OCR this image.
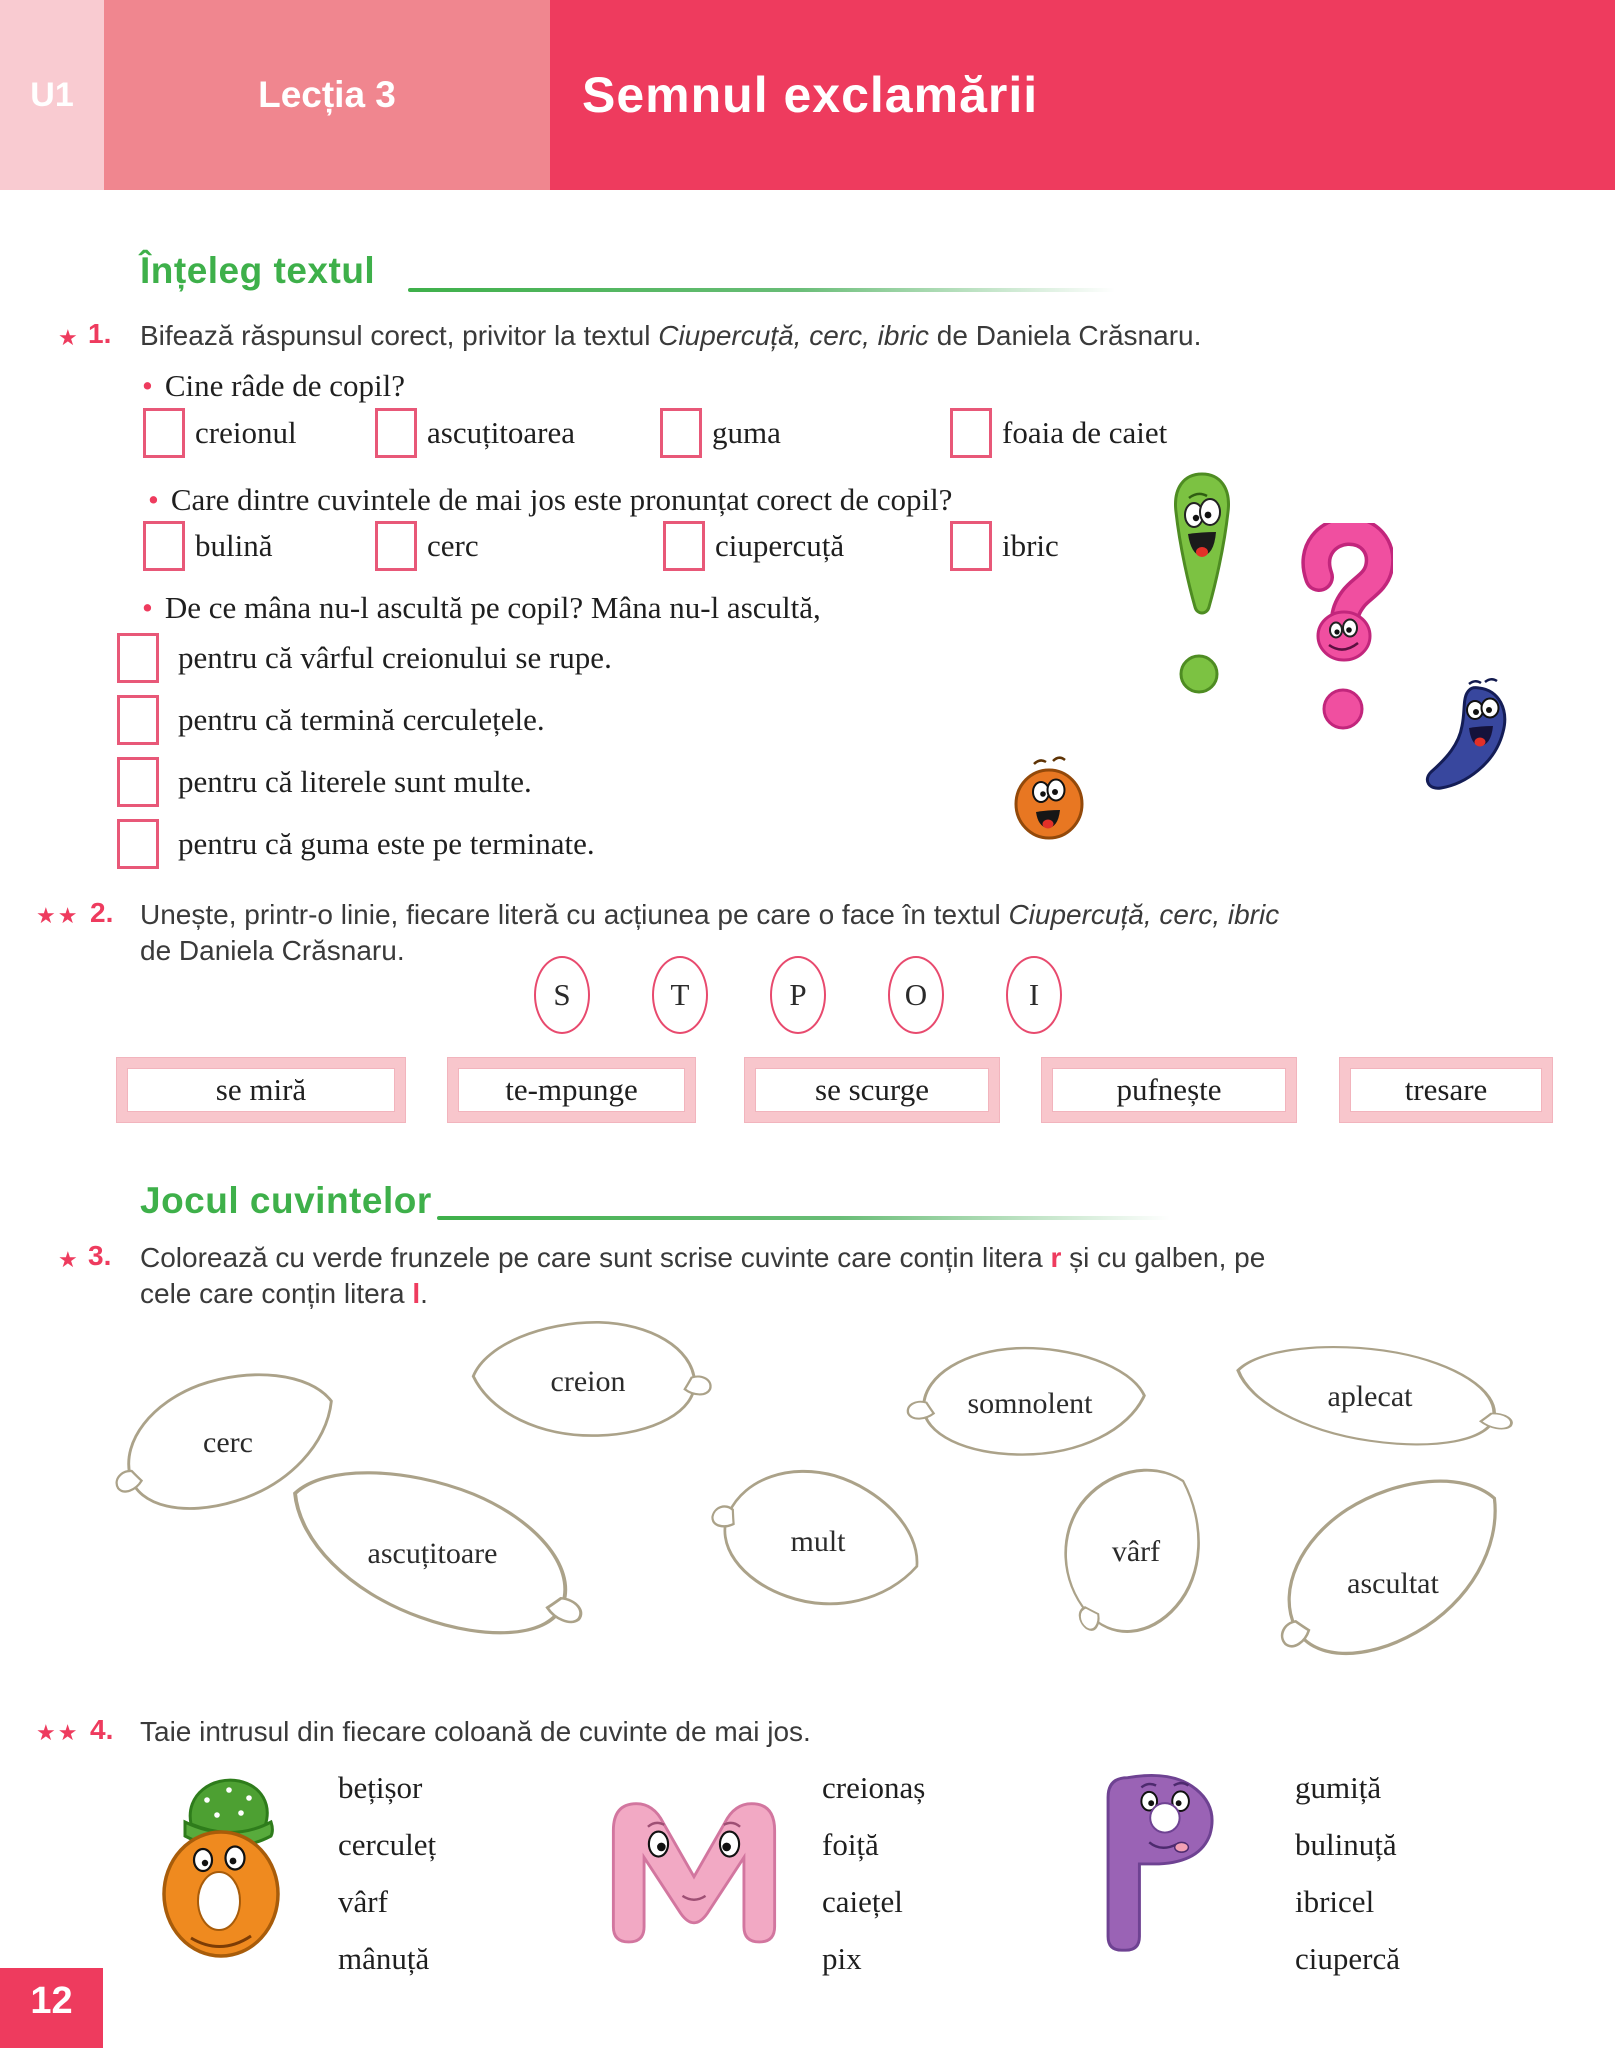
U1	Lecția 3	Semnul exclamării
Înțeleg textul
★ 1. Bifează răspunsul corect, privitor la textul Ciupercuță, cerc, ibric de Daniela Crăsnaru.
• Cine râde de copil?
creionul	ascuțitoarea	guma	foaia de caiet
• Care dintre cuvintele de mai jos este pronunțat corect de copil?
bulină	cerc	ciupercuță	ibric
• De ce mâna nu-l ascultă pe copil? Mâna nu-l ascultă,
pentru că vârful creionului se rupe.
pentru că termină cerculețele.
pentru că literele sunt multe.
pentru că guma este pe terminate.
★★ 2. Unește, printr-o linie, fiecare literă cu acțiunea pe care o face în textul Ciupercuță, cerc, ibric
de Daniela Crăsnaru.
S	T	P	O	I
se miră	te-mpunge	se scurge	pufnește	tresare
Jocul cuvintelor
★ 3. Colorează cu verde frunzele pe care sunt scrise cuvinte care conțin litera r și cu galben, pe
cele care conțin litera l.
cerc
creion
somnolent	aplecat
ascuțitoare	mult	vârf
ascultat
★★ 4. Taie intrusul din fiecare coloană de cuvinte de mai jos.
bețișor
cerculeț
vârf
mânuță
creionaș
foiță
caiețel
pix
gumiță
bulinuță
ibricel
ciupercă
12
